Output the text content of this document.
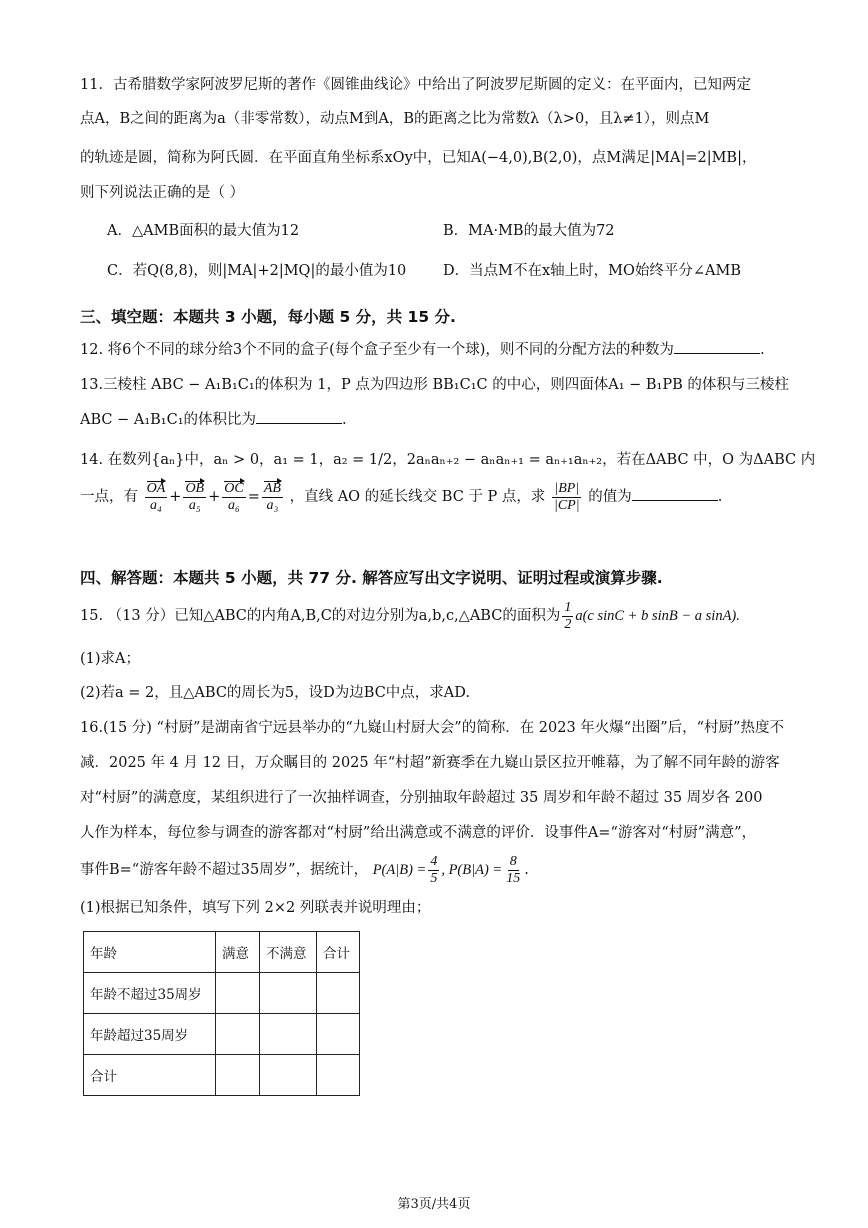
11．古希腊数学家阿波罗尼斯的著作《圆锥曲线论》中给出了阿波罗尼斯圆的定义：在平面内，已知两定
点A，B之间的距离为a（非零常数），动点M到A，B的距离之比为常数λ（λ>0，且λ≠1），则点M
的轨迹是圆，简称为阿氏圆．在平面直角坐标系xOy中，已知A(−4,0),B(2,0)，点M满足|MA|=2|MB|，
则下列说法正确的是（ ）
A．△AMB面积的最大值为12	B．MA·MB的最大值为72
C．若Q(8,8)，则|MA|+2|MQ|的最小值为10	D．当点M不在x轴上时，MO始终平分∠AMB
三、填空题：本题共 3 小题，每小题 5 分，共 15 分.
12. 将6个不同的球分给3个不同的盒子(每个盒子至少有一个球)，则不同的分配方法的种数为	.
13.三棱柱 ABC − A₁B₁C₁的体积为 1，P 点为四边形 BB₁C₁C 的中心，则四面体A₁ − B₁PB 的体积与三棱柱
ABC − A₁B₁C₁的体积比为	.
14. 在数列{aₙ}中，aₙ > 0，a₁ = 1，a₂ = 1/2，2aₙaₙ₊₂ − aₙaₙ₊₁ = aₙ₊₁aₙ₊₂，若在ΔABC 中，O 为ΔABC 内
一点，有 $\frac{OA}{\text{a₄}} + \frac{OB}{\text{a₅}} + \frac{OC}{\text{a₆}} = \frac{AB}{\text{a₃}}$ ，直线 AO 的延长线交 BC 于 P 点，求 $\frac{|BP|}{|CP|}$ 的值为	.
四、解答题：本题共 5 小题，共 77 分. 解答应写出文字说明、证明过程或演算步骤.
15. （13 分）已知△ABC的内角A,B,C的对边分别为a,b,c,△ABC的面积为 $\frac{1}{2} a(c$ sinC + b sinB − a sinA).
(1)求A；
(2)若a = 2，且△ABC的周长为5，设D为边BC中点，求AD.
16.(15 分) “村厨”是湖南省宁远县举办的“九嶷山村厨大会”的简称．在 2023 年火爆“出圈”后，“村厨”热度不
减．2025 年 4 月 12 日，万众瞩目的 2025 年“村超”新赛季在九嶷山景区拉开帷幕，为了解不同年龄的游客
对“村厨”的满意度，某组织进行了一次抽样调查，分别抽取年龄超过 35 周岁和年龄不超过 35 周岁各 200
人作为样本，每位参与调查的游客都对“村厨”给出满意或不满意的评价．设事件A=“游客对“村厨”满意”，
事件B=“游客年龄不超过35周岁”，据统计， $P(A|B) = \frac{4}{5}$ , $P(B|A) = \frac{8}{15}$ .
(1)根据已知条件，填写下列 2×2 列联表并说明理由；
年龄	满意	不满意	合计
年龄不超过35周岁			
年龄超过35周岁			
合计			
第3页/共4页
